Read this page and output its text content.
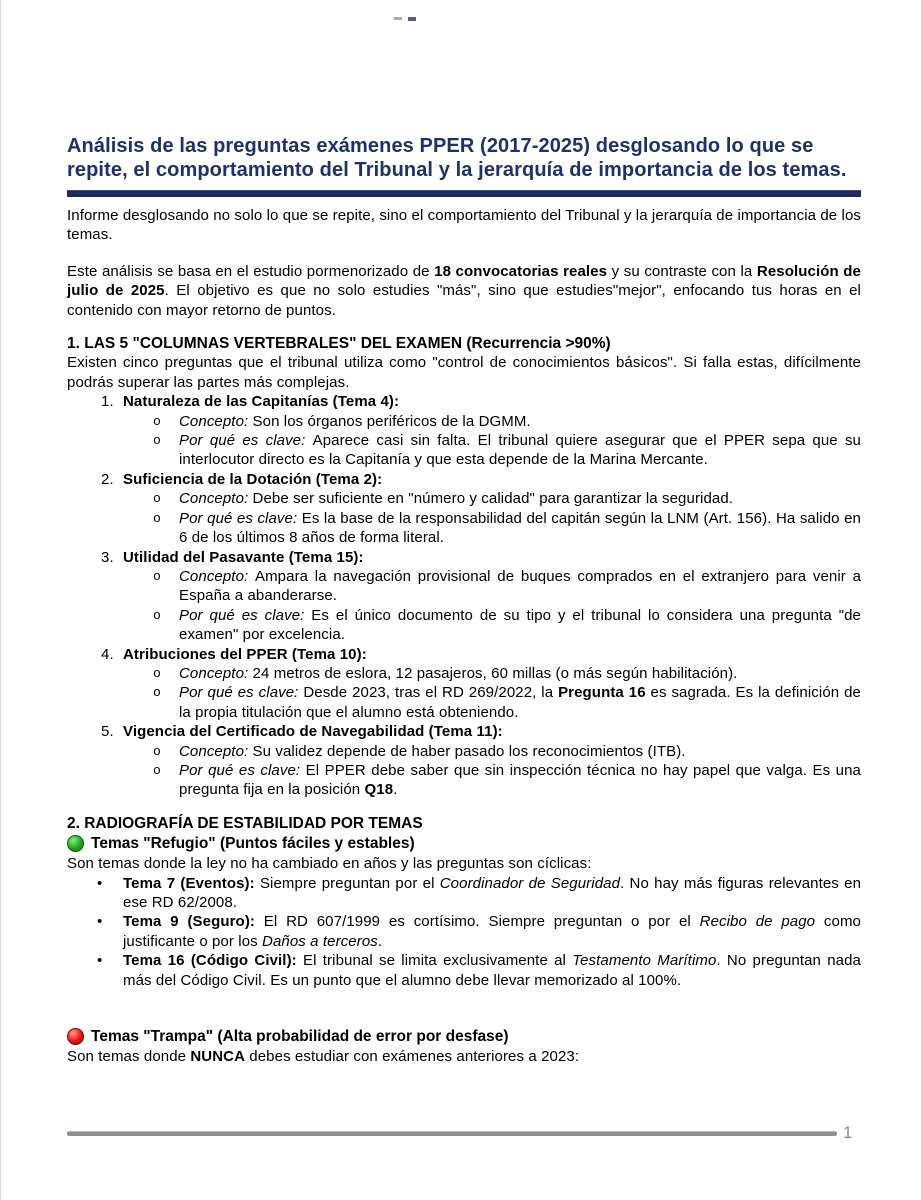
Análisis de las preguntas exámenes PPER (2017-2025) desglosando lo que se repite, el comportamiento del Tribunal y la jerarquía de importancia de los temas.

Informe desglosando no solo lo que se repite, sino el comportamiento del Tribunal y la jerarquía de importancia de los temas.

Este análisis se basa en el estudio pormenorizado de 18 convocatorias reales y su contraste con la Resolución de julio de 2025. El objetivo es que no solo estudies "más", sino que estudies"mejor", enfocando tus horas en el contenido con mayor retorno de puntos.

1. LAS 5 "COLUMNAS VERTEBRALES" DEL EXAMEN (Recurrencia >90%)

Existen cinco preguntas que el tribunal utiliza como "control de conocimientos básicos". Si falla estas, difícilmente podrás superar las partes más complejas.

1. Naturaleza de las Capitanías (Tema 4):
o	Concepto: Son los órganos periféricos de la DGMM.
o	Por qué es clave: Aparece casi sin falta. El tribunal quiere asegurar que el PPER sepa que su interlocutor directo es la Capitanía y que esta depende de la Marina Mercante.
2. Suficiencia de la Dotación (Tema 2):
o	Concepto: Debe ser suficiente en "número y calidad" para garantizar la seguridad.
o	Por qué es clave: Es la base de la responsabilidad del capitán según la LNM (Art. 156). Ha salido en 6 de los últimos 8 años de forma literal.
3. Utilidad del Pasavante (Tema 15):
o	Concepto: Ampara la navegación provisional de buques comprados en el extranjero para venir a España a abanderarse.
o	Por qué es clave: Es el único documento de su tipo y el tribunal lo considera una pregunta "de examen" por excelencia.
4. Atribuciones del PPER (Tema 10):
o	Concepto: 24 metros de eslora, 12 pasajeros, 60 millas (o más según habilitación).
o	Por qué es clave: Desde 2023, tras el RD 269/2022, la Pregunta 16 es sagrada. Es la definición de la propia titulación que el alumno está obteniendo.
5. Vigencia del Certificado de Navegabilidad (Tema 11):
o	Concepto: Su validez depende de haber pasado los reconocimientos (ITB).
o	Por qué es clave: El PPER debe saber que sin inspección técnica no hay papel que valga. Es una pregunta fija en la posición Q18.
2. RADIOGRAFÍA DE ESTABILIDAD POR TEMAS
Temas "Refugio" (Puntos fáciles y estables)

Son temas donde la ley no ha cambiado en años y las preguntas son cíclicas:

•	Tema 7 (Eventos): Siempre preguntan por el Coordinador de Seguridad. No hay más figuras relevantes en ese RD 62/2008.
•	Tema 9 (Seguro): El RD 607/1999 es cortísimo. Siempre preguntan o por el Recibo de pago como justificante o por los Daños a terceros.
•	Tema 16 (Código Civil): El tribunal se limita exclusivamente al Testamento Marítimo. No preguntan nada más del Código Civil. Es un punto que el alumno debe llevar memorizado al 100%.
Temas "Trampa" (Alta probabilidad de error por desfase)

Son temas donde NUNCA debes estudiar con exámenes anteriores a 2023:

1
